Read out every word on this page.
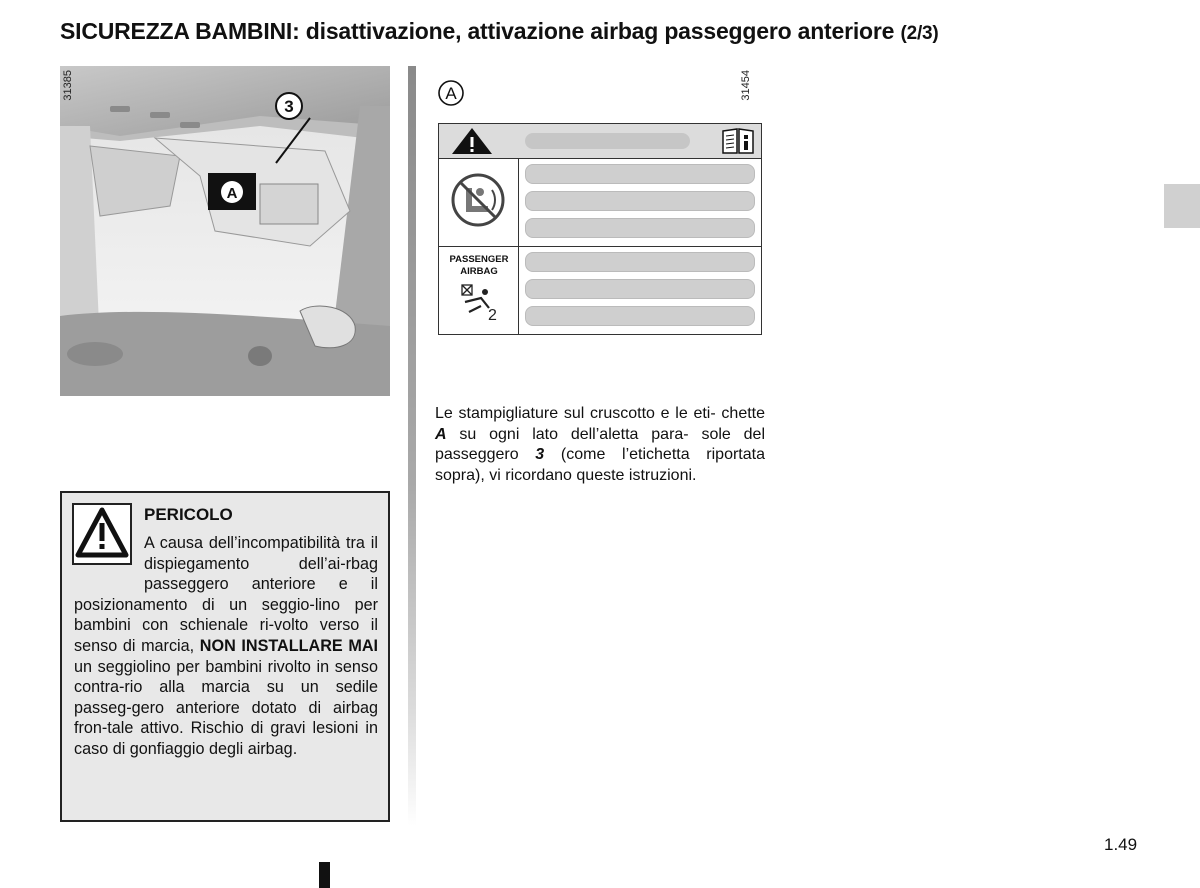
SICUREZZA BAMBINI: disattivazione, attivazione airbag passeggero anteriore (2/3)
3
A
31385	A	31454
PASSENGER
AIRBAG
2
Le stampigliature sul cruscotto e le eti- chette A su ogni lato dell’aletta para- sole del passeggero 3 (come l’etichetta riportata sopra), vi ricordano queste istruzioni.
PERICOLO
A causa dell’incompatibilità tra il dispiegamento dell’ai-rbag passeggero anteriore e il posizionamento di un seggio-lino per bambini con schienale ri-volto verso il senso di marcia, NON INSTALLARE MAI un seggiolino per bambini rivolto in senso contra-rio alla marcia su un sedile passeg-gero anteriore dotato di airbag fron-tale attivo. Rischio di gravi lesioni in caso di gonfiaggio degli airbag.
1.49
